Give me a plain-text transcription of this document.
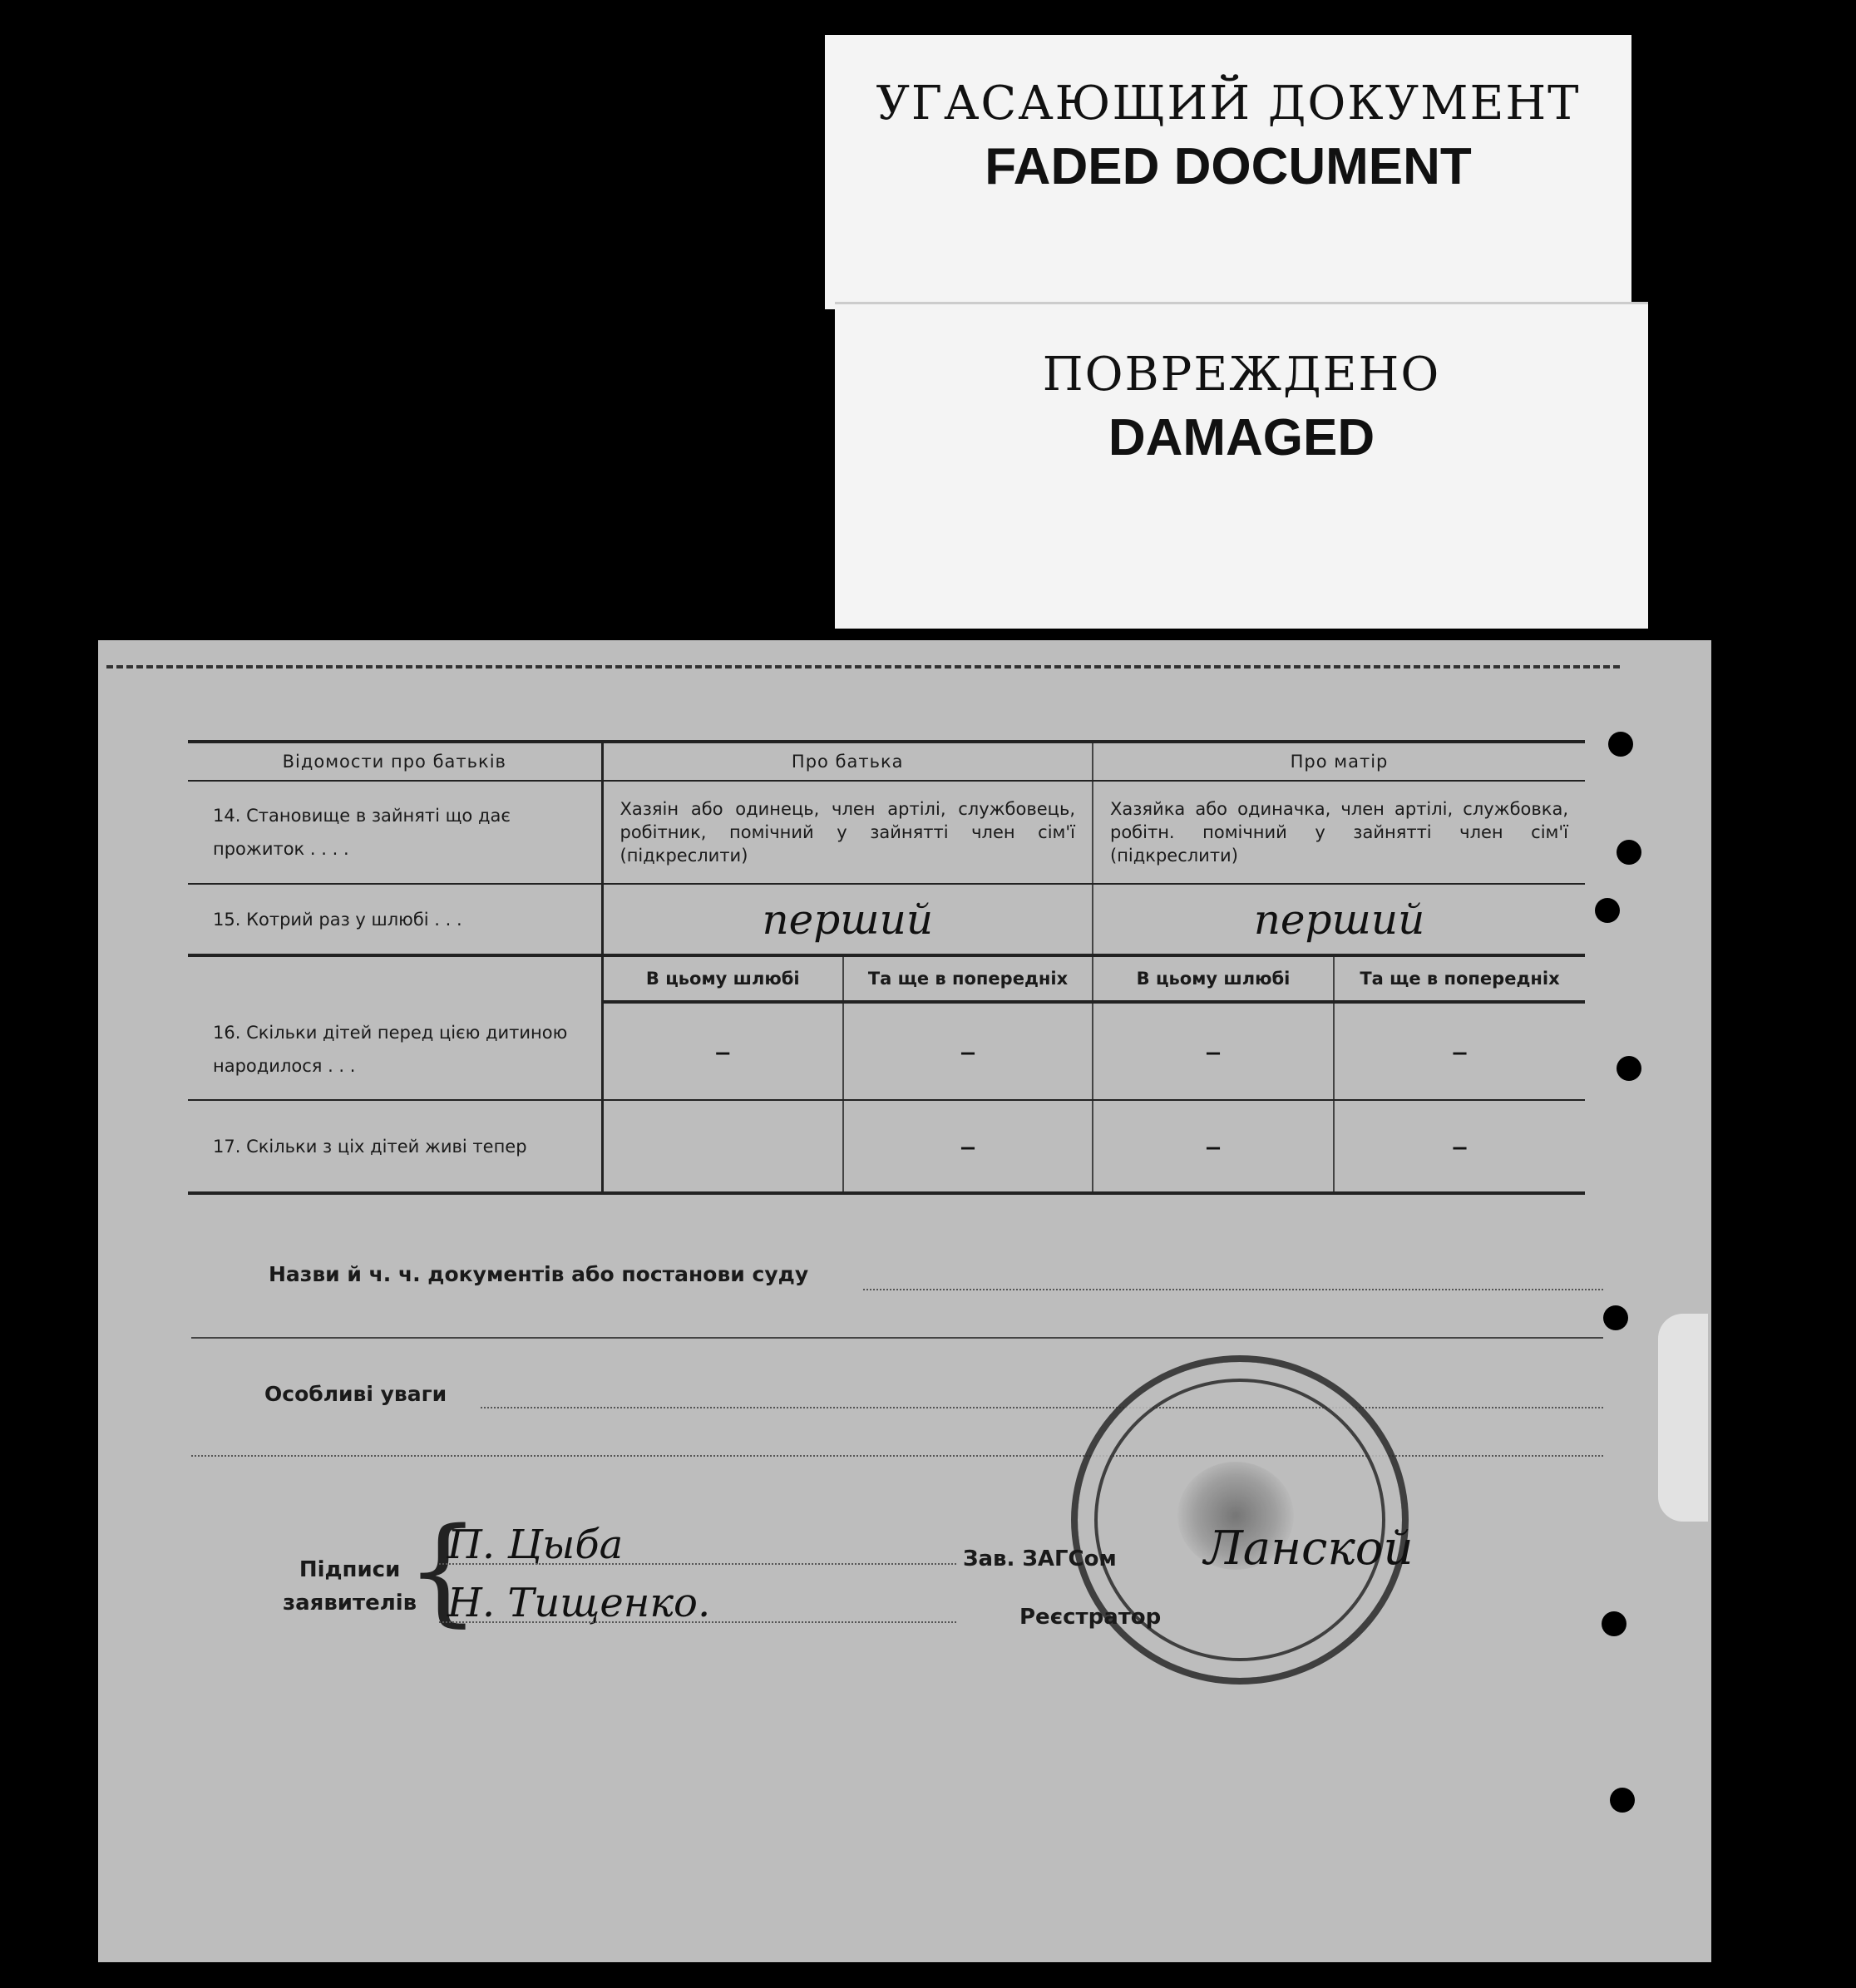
УГАСАЮЩИЙ ДОКУМЕНТ
FADED DOCUMENT
ПОВРЕЖДЕНО
DAMAGED
Відомости про батьків	Про батька		Про матір	
14. Становище в зайняті що дає прожиток . . . .	Хазяін або одинець, член артілі, службовець, робітник, помічний у зайнятті член сім'ї (підкреслити)		Хазяйка або одиначка, член артілі, службовка, робітн. помічний у зайнятті член сім'ї (підкреслити)	
15. Котрий раз у шлюбі . . .	перший		перший	

16. Скільки дітей перед цією дитиною народилося . . .	В цьому шлюбі	Та ще в попередніх	В цьому шлюбі	Та ще в попередніх
	–	–	–	–
17. Скільки з ціх дітей живі тепер		–	–	–
Назви й ч. ч. документів або постанови суду
Особливі уваги
Підписи
заявителів
{
П. Цыба
Н. Тищенко.
Зав. ЗАГСом Ланской
Реєстратор
